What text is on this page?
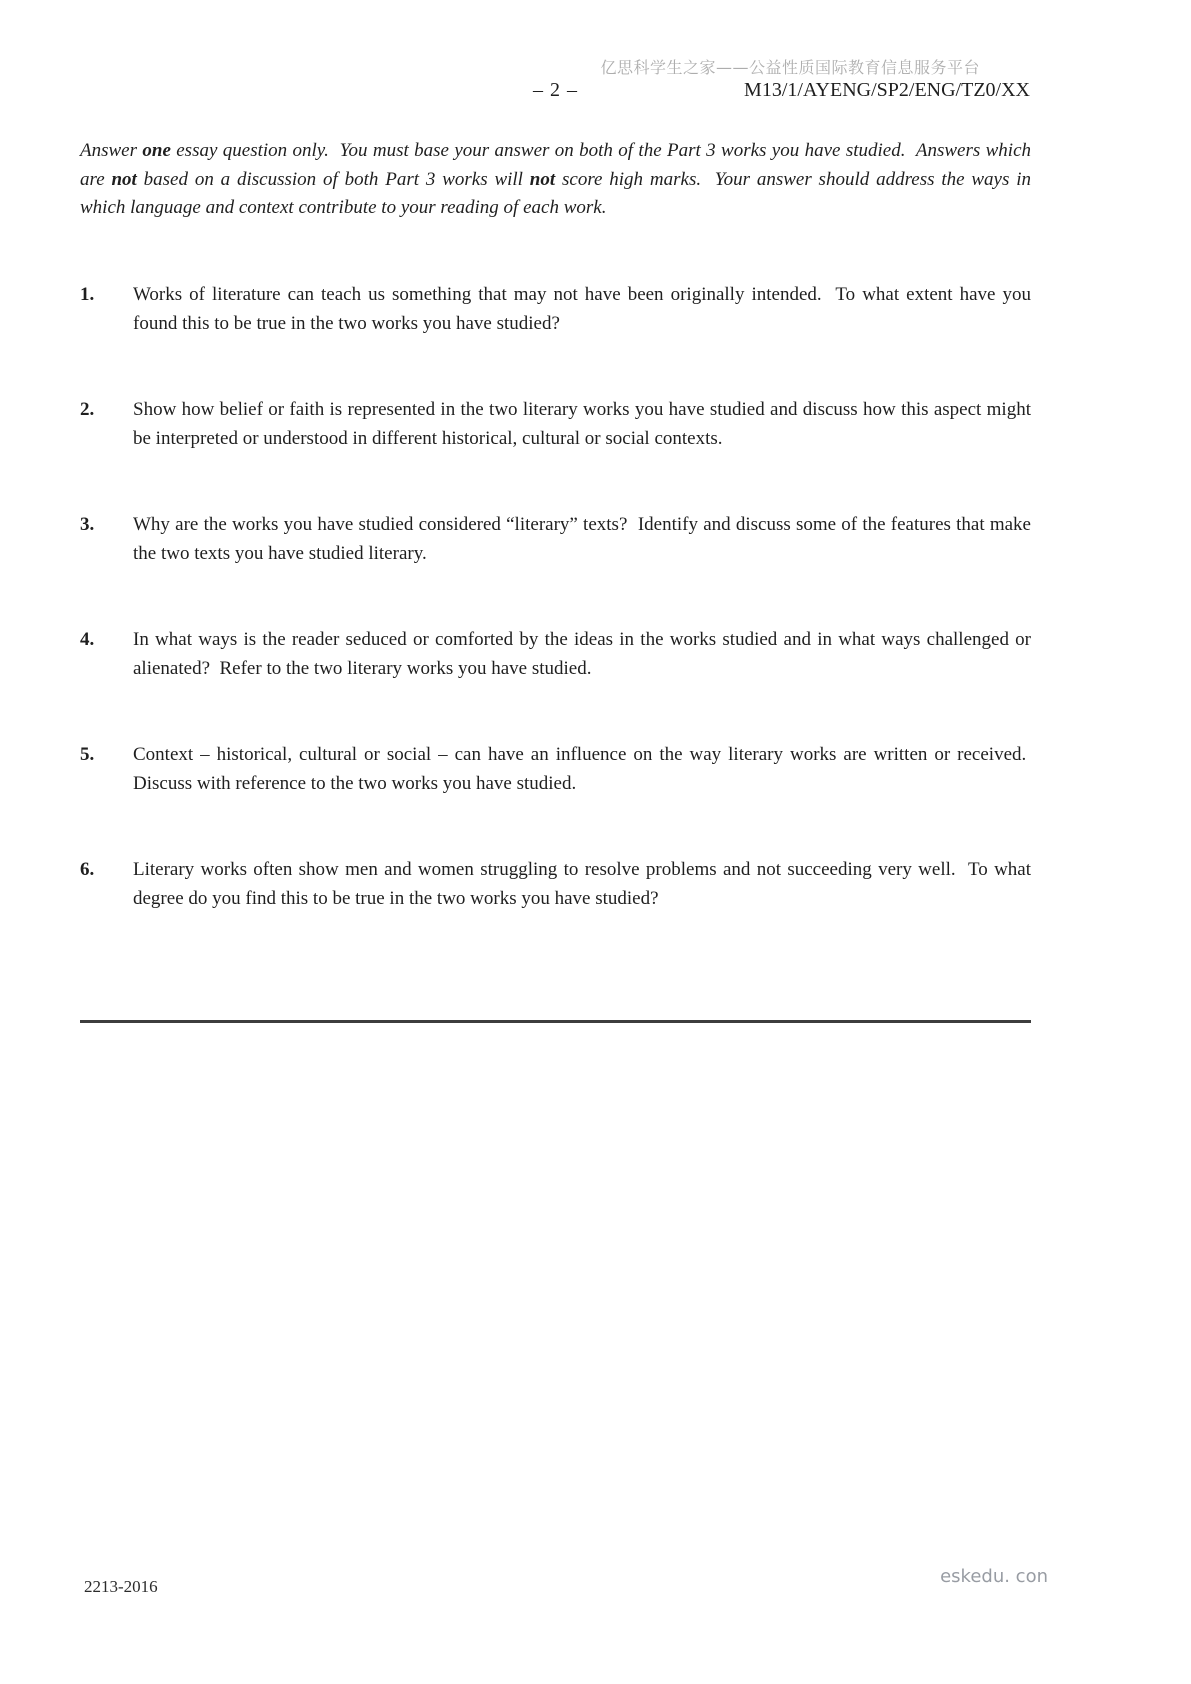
亿思科学生之家——公益性质国际教育信息服务平台
– 2 –	M13/1/AYENG/SP2/ENG/TZ0/XX
Answer one essay question only.  You must base your answer on both of the Part 3 works you have studied.  Answers which are not based on a discussion of both Part 3 works will not score high marks.  Your answer should address the ways in which language and context contribute to your reading of each work.
1.	Works of literature can teach us something that may not have been originally intended.  To what extent have you found this to be true in the two works you have studied?
2.	Show how belief or faith is represented in the two literary works you have studied and discuss how this aspect might be interpreted or understood in different historical, cultural or social contexts.
3.	Why are the works you have studied considered “literary” texts?  Identify and discuss some of the features that make the two texts you have studied literary.
4.	In what ways is the reader seduced or comforted by the ideas in the works studied and in what ways challenged or alienated?  Refer to the two literary works you have studied.
5.	Context – historical, cultural or social – can have an influence on the way literary works are written or received.  Discuss with reference to the two works you have studied.
6.	Literary works often show men and women struggling to resolve problems and not succeeding very well.  To what degree do you find this to be true in the two works you have studied?
2213-2016	eskedu. con
